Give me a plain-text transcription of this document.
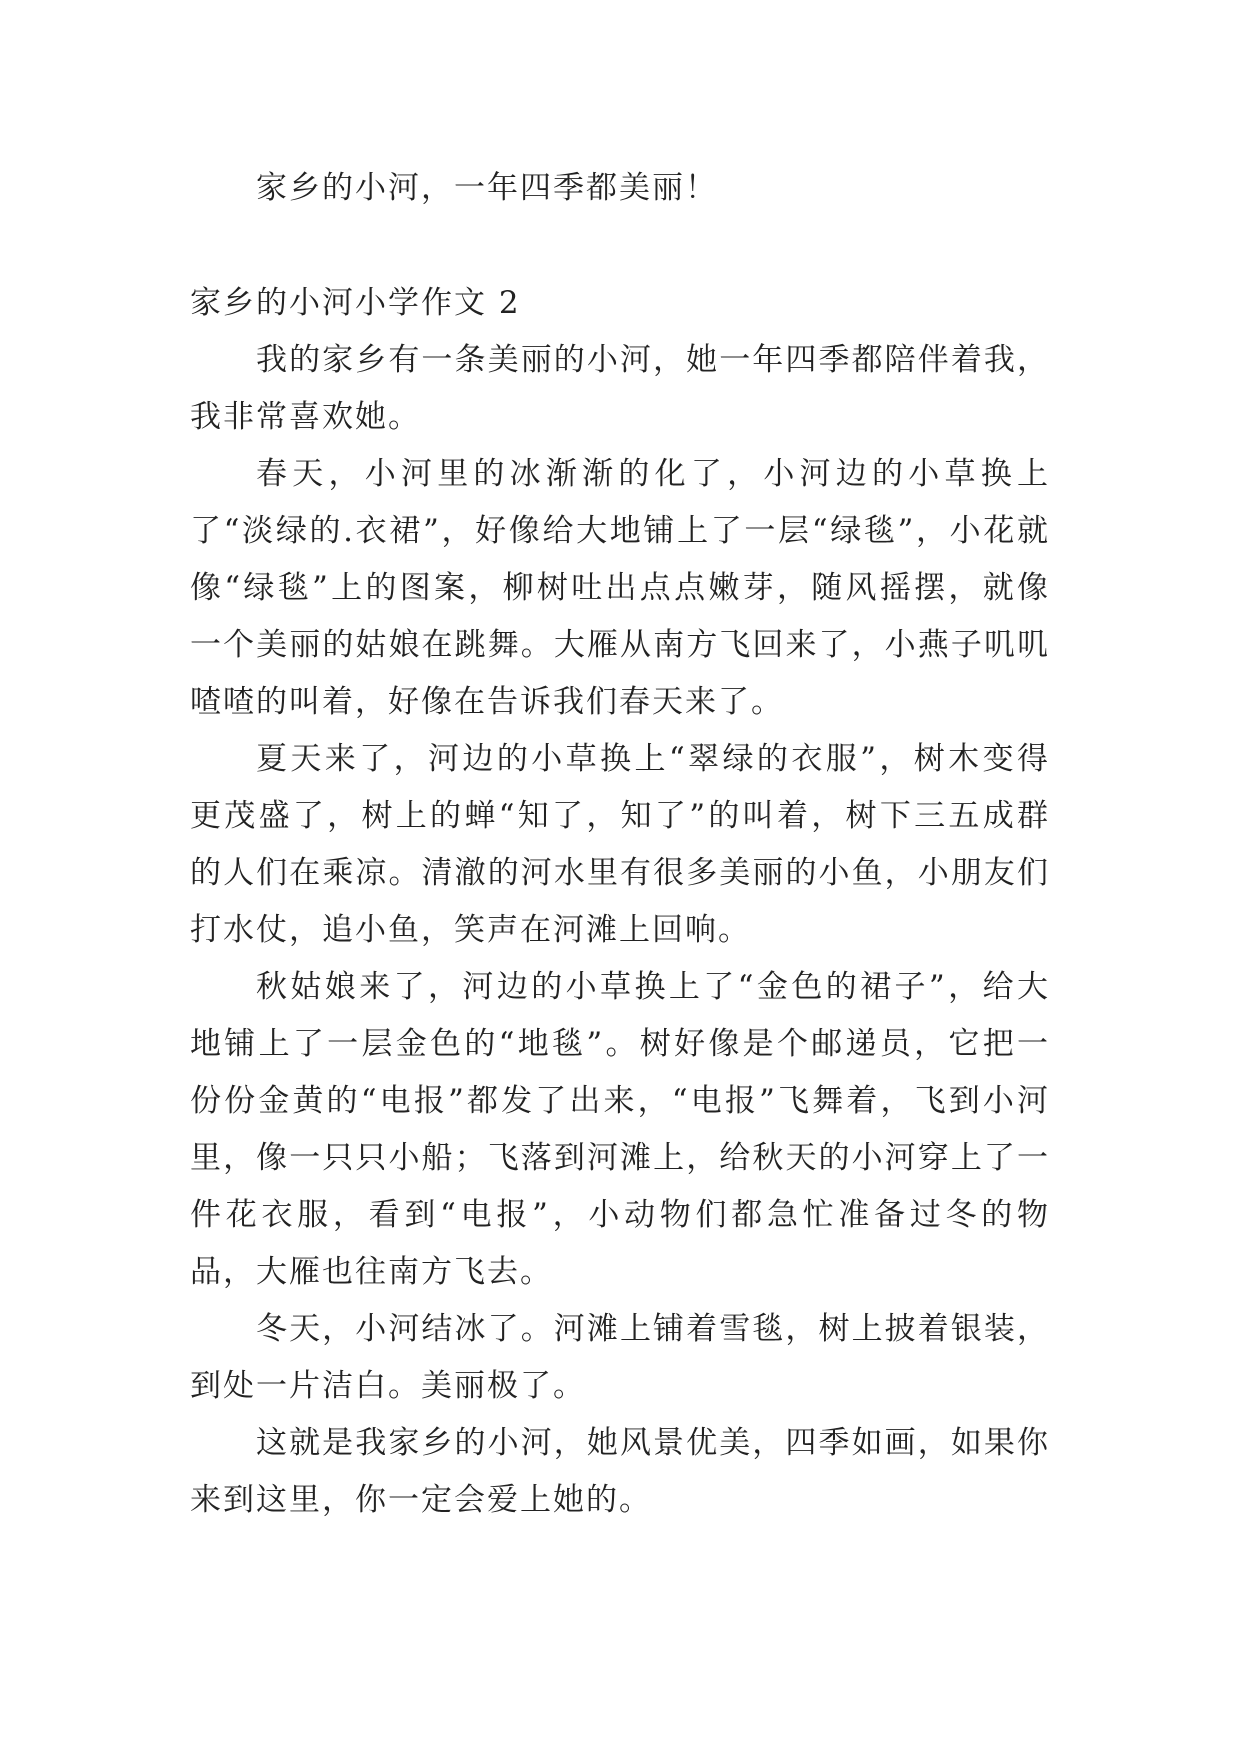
家乡的小河，一年四季都美丽！

家乡的小河小学作文 2

我的家乡有一条美丽的小河，她一年四季都陪伴着我，我非常喜欢她。

春天，小河里的冰渐渐的化了，小河边的小草换上了“淡绿的.衣裙”，好像给大地铺上了一层“绿毯”，小花就像“绿毯”上的图案，柳树吐出点点嫩芽，随风摇摆，就像一个美丽的姑娘在跳舞。大雁从南方飞回来了，小燕子叽叽喳喳的叫着，好像在告诉我们春天来了。

夏天来了，河边的小草换上“翠绿的衣服”，树木变得更茂盛了，树上的蝉“知了，知了”的叫着，树下三五成群的人们在乘凉。清澈的河水里有很多美丽的小鱼，小朋友们打水仗，追小鱼，笑声在河滩上回响。

秋姑娘来了，河边的小草换上了“金色的裙子”，给大地铺上了一层金色的“地毯”。树好像是个邮递员，它把一份份金黄的“电报”都发了出来，“电报”飞舞着，飞到小河里，像一只只小船；飞落到河滩上，给秋天的小河穿上了一件花衣服，看到“电报”，小动物们都急忙准备过冬的物品，大雁也往南方飞去。

冬天，小河结冰了。河滩上铺着雪毯，树上披着银装，到处一片洁白。美丽极了。

这就是我家乡的小河，她风景优美，四季如画，如果你来到这里，你一定会爱上她的。
